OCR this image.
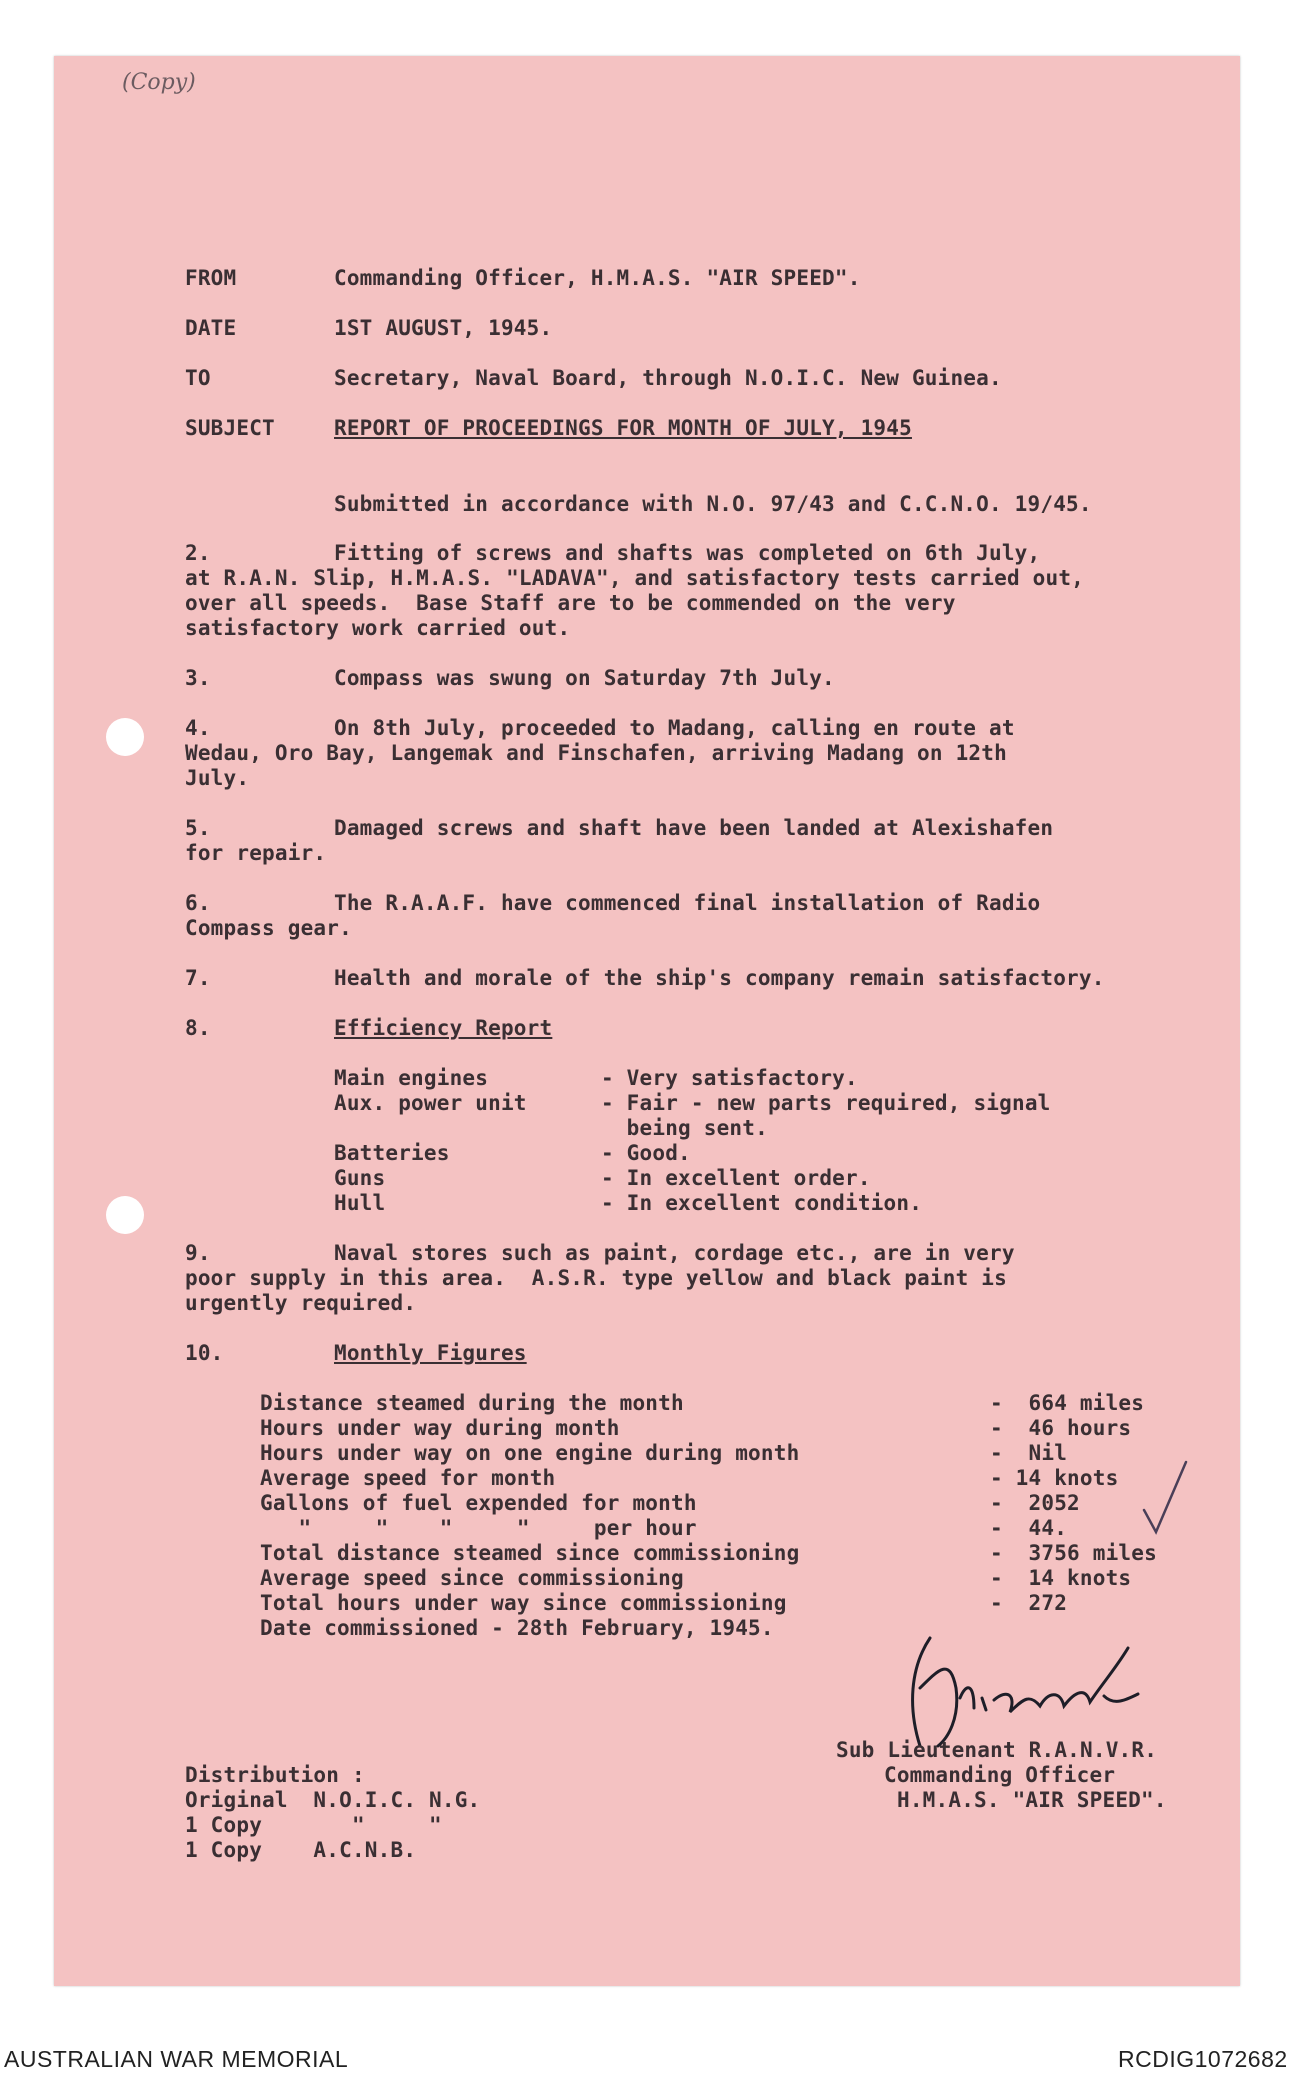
(Copy)
FROM	Commanding Officer, H.M.A.S. "AIR SPEED".
DATE	1ST AUGUST, 1945.
TO	Secretary, Naval Board, through N.O.I.C. New Guinea.
SUBJECT	REPORT OF PROCEEDINGS FOR MONTH OF JULY, 1945
Submitted in accordance with N.O. 97/43 and C.C.N.O. 19/45.
2.	Fitting of screws and shafts was completed on 6th July,
at R.A.N. Slip, H.M.A.S. "LADAVA", and satisfactory tests carried out,
over all speeds.  Base Staff are to be commended on the very
satisfactory work carried out.
3.	Compass was swung on Saturday 7th July.
4.	On 8th July, proceeded to Madang, calling en route at
Wedau, Oro Bay, Langemak and Finschafen, arriving Madang on 12th
July.
5.	Damaged screws and shaft have been landed at Alexishafen
for repair.
6.	The R.A.A.F. have commenced final installation of Radio
Compass gear.
7.	Health and morale of the ship's company remain satisfactory.
8.	Efficiency Report
Main engines	- Very satisfactory.
Aux. power unit	- Fair - new parts required, signal
being sent.
Batteries	- Good.
Guns	- In excellent order.
Hull	- In excellent condition.
9.	Naval stores such as paint, cordage etc., are in very
poor supply in this area.  A.S.R. type yellow and black paint is
urgently required.
10.	Monthly Figures
Distance steamed during the month	-  664 miles
Hours under way during month	-  46 hours
Hours under way on one engine during month	-  Nil
Average speed for month	- 14 knots
Gallons of fuel expended for month	-  2052
"     "    "     "     per hour	-  44.
Total distance steamed since commissioning	-  3756 miles
Average speed since commissioning	-  14 knots
Total hours under way since commissioning	-  272
Date commissioned - 28th February, 1945.	Williams
Sub Lieutenant R.A.N.V.R.
Commanding Officer
H.M.A.S. "AIR SPEED".
Distribution :
Original  N.O.I.C. N.G.
1 Copy       "     "
1 Copy    A.C.N.B.
AUSTRALIAN WAR MEMORIAL	RCDIG1072682
